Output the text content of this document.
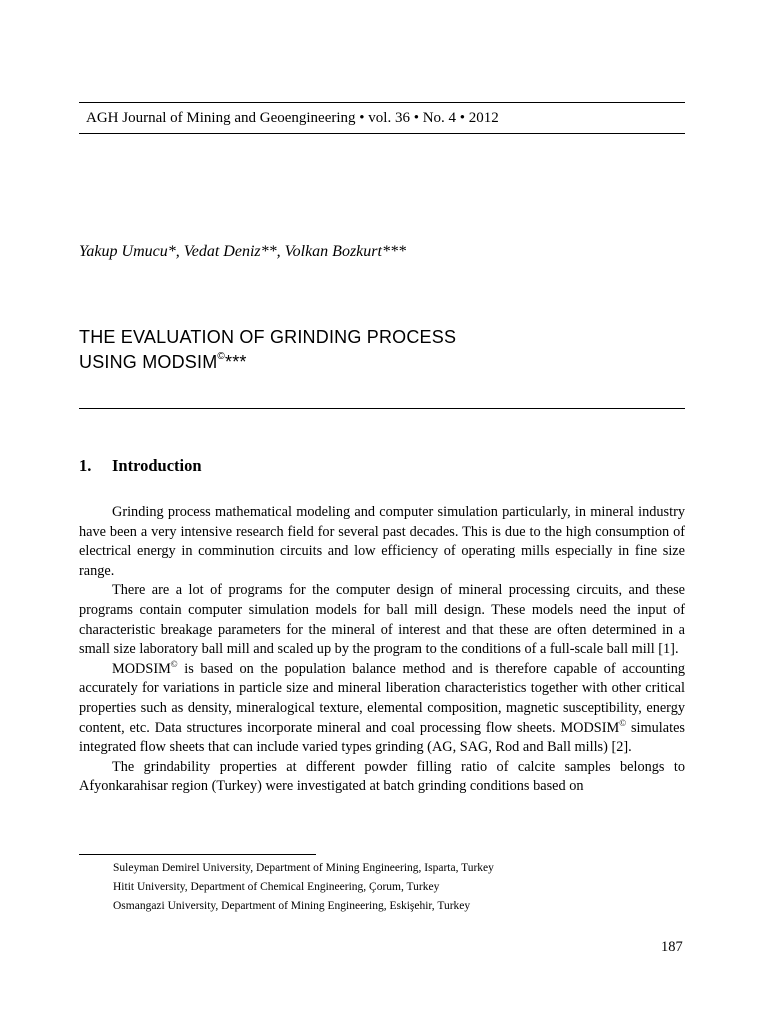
AGH Journal of Mining and Geoengineering • vol. 36 • No. 4 • 2012
Yakup Umucu*, Vedat Deniz**, Volkan Bozkurt***
THE EVALUATION OF GRINDING PROCESS
USING MODSIM©***
1. Introduction

Grinding process mathematical modeling and computer simulation particularly, in mineral industry have been a very intensive research field for several past decades. This is due to the high consumption of electrical energy in comminution circuits and low efficiency of operating mills especially in fine size range.

There are a lot of programs for the computer design of mineral processing circuits, and these programs contain computer simulation models for ball mill design. These models need the input of characteristic breakage parameters for the mineral of interest and that these are often determined in a small size laboratory ball mill and scaled up by the program to the conditions of a full-scale ball mill [1].

MODSIM© is based on the population balance method and is therefore capable of accounting accurately for variations in particle size and mineral liberation characteristics together with other critical properties such as density, mineralogical texture, elemental composition, magnetic susceptibility, energy content, etc. Data structures incorporate mineral and coal processing flow sheets. MODSIM© simulates integrated flow sheets that can include varied types grinding (AG, SAG, Rod and Ball mills) [2].

The grindability properties at different powder filling ratio of calcite samples belongs to Afyonkarahisar region (Turkey) were investigated at batch grinding conditions based on

Suleyman Demirel University, Department of Mining Engineering, Isparta, Turkey
Hitit University, Department of Chemical Engineering, Çorum, Turkey
Osmangazi University, Department of Mining Engineering, Eskişehir, Turkey
187
